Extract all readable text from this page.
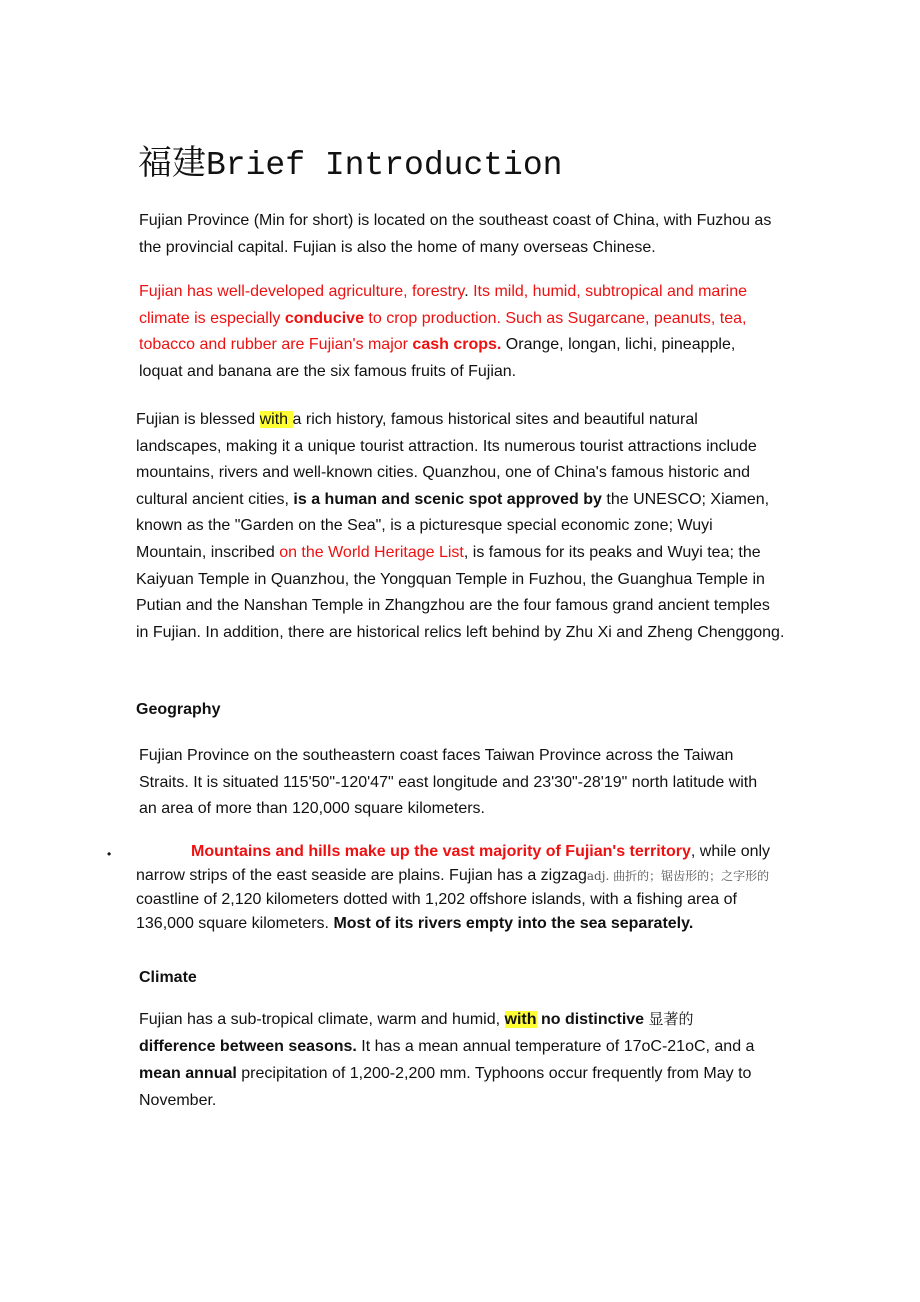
福建Brief Introduction
Fujian Province (Min for short) is located on the southeast coast of China, with Fuzhou as the provincial capital. Fujian is also the home of many overseas Chinese.
Fujian has well-developed agriculture, forestry. Its mild, humid, subtropical and marine climate is especially conducive to crop production. Such as Sugarcane, peanuts, tea, tobacco and rubber are Fujian's major cash crops. Orange, longan, lichi, pineapple, loquat and banana are the six famous fruits of Fujian.
Fujian is blessed with a rich history, famous historical sites and beautiful natural landscapes, making it a unique tourist attraction. Its numerous tourist attractions include mountains, rivers and well-known cities. Quanzhou, one of China's famous historic and cultural ancient cities, is a human and scenic spot approved by the UNESCO; Xiamen, known as the "Garden on the Sea", is a picturesque special economic zone; Wuyi Mountain, inscribed on the World Heritage List, is famous for its peaks and Wuyi tea; the Kaiyuan Temple in Quanzhou, the Yongquan Temple in Fuzhou, the Guanghua Temple in Putian and the Nanshan Temple in Zhangzhou are the four famous grand ancient temples in Fujian. In addition, there are historical relics left behind by Zhu Xi and Zheng Chenggong.
Geography
Fujian Province on the southeastern coast faces Taiwan Province across the Taiwan Straits. It is situated 115'50"-120'47" east longitude and 23'30"-28'19" north latitude with an area of more than 120,000 square kilometers.
•	Mountains and hills make up the vast majority of Fujian's territory, while only narrow strips of the east seaside are plains. Fujian has a zigzagadj. 曲折的；锯齿形的；之字形的coastline of 2,120 kilometers dotted with 1,202 offshore islands, with a fishing area of 136,000 square kilometers. Most of its rivers empty into the sea separately.
Climate
Fujian has a sub-tropical climate, warm and humid, with no distinctive 显著的
difference between seasons. It has a mean annual temperature of 17oC-21oC, and a mean annual precipitation of 1,200-2,200 mm. Typhoons occur frequently from May to November.
